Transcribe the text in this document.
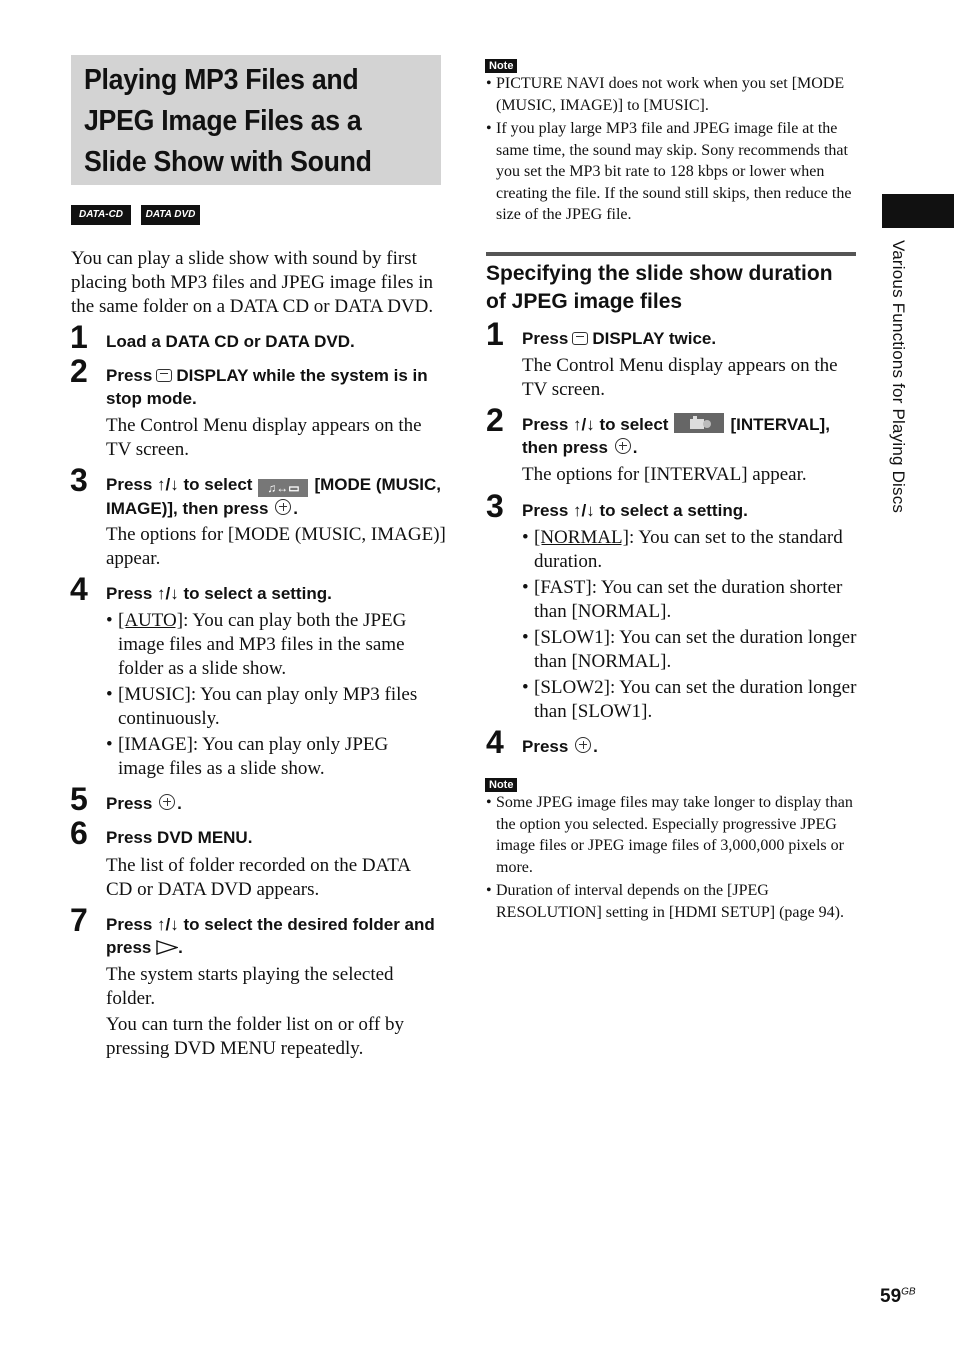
Playing MP3 Files and
JPEG Image Files as a
Slide Show with Sound
DATA-CD	DATA DVD
You can play a slide show with sound by first placing both MP3 files and JPEG image files in the same folder on a DATA CD or DATA DVD.
1 Load a DATA CD or DATA DVD.
2 Press DISPLAY while the system is in stop mode.
The Control Menu display appears on the TV screen.
3 Press ↑/↓ to select ♫↔▭ [MODE (MUSIC, IMAGE)], then press .
The options for [MODE (MUSIC, IMAGE)] appear.
4 Press ↑/↓ to select a setting.
• [AUTO]: You can play both the JPEG image files and MP3 files in the same folder as a slide show.
• [MUSIC]: You can play only MP3 files continuously.
• [IMAGE]: You can play only JPEG image files as a slide show.
5 Press .
6 Press DVD MENU.
The list of folder recorded on the DATA CD or DATA DVD appears.
7 Press ↑/↓ to select the desired folder and press .
The system starts playing the selected folder.
You can turn the folder list on or off by pressing DVD MENU repeatedly.
Note
• PICTURE NAVI does not work when you set [MODE (MUSIC, IMAGE)] to [MUSIC].
• If you play large MP3 file and JPEG image file at the same time, the sound may skip. Sony recommends that you set the MP3 bit rate to 128 kbps or lower when creating the file. If the sound still skips, then reduce the size of the JPEG file.
Specifying the slide show duration of JPEG image files
1 Press DISPLAY twice.
The Control Menu display appears on the TV screen.
2 Press ↑/↓ to select	[INTERVAL],
then press .
The options for [INTERVAL] appear.
3 Press ↑/↓ to select a setting.
• [NORMAL]: You can set to the standard duration.
• [FAST]: You can set the duration shorter than [NORMAL].
• [SLOW1]: You can set the duration longer than [NORMAL].
• [SLOW2]: You can set the duration longer than [SLOW1].
4 Press .
Note
• Some JPEG image files may take longer to display than the option you selected. Especially progressive JPEG image files or JPEG image files of 3,000,000 pixels or more.
• Duration of interval depends on the [JPEG RESOLUTION] setting in [HDMI SETUP] (page 94).
Various Functions for Playing Discs
$59^{GB}$
